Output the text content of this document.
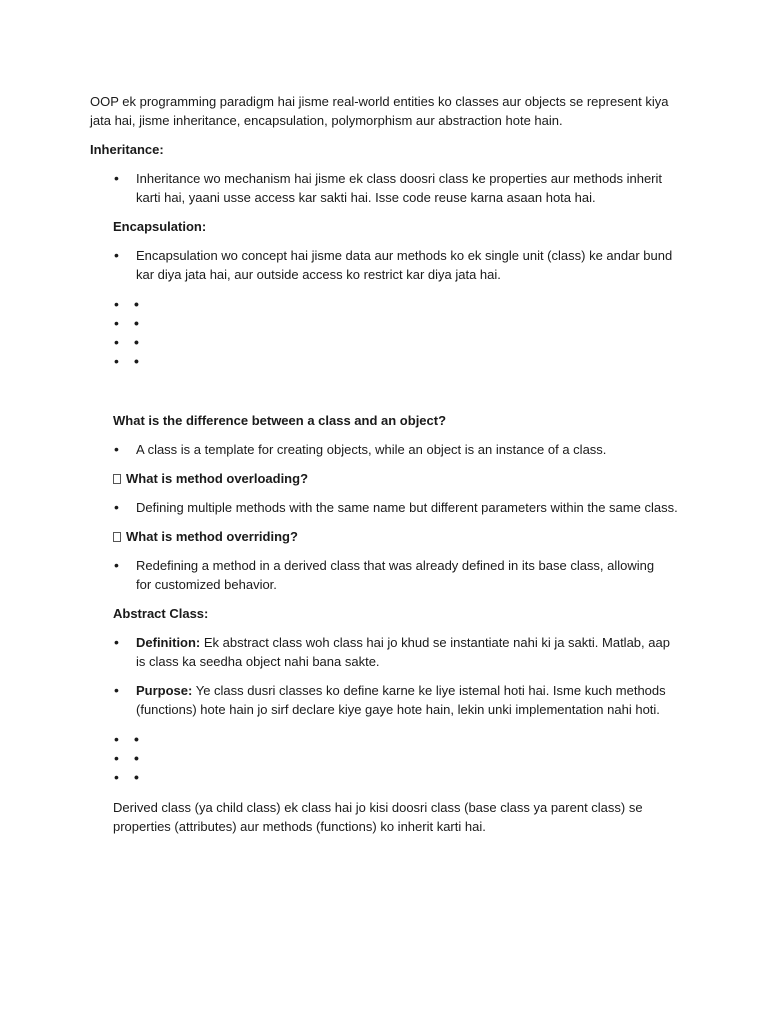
OOP ek programming paradigm hai jisme real-world entities ko classes aur objects se represent kiya jata hai, jisme inheritance, encapsulation, polymorphism aur abstraction hote hain.

Inheritance:

• Inheritance wo mechanism hai jisme ek class doosri class ke properties aur methods inherit karti hai, yaani usse access kar sakti hai. Isse code reuse karna asaan hota hai.

Encapsulation:

• Encapsulation wo concept hai jisme data aur methods ko ek single unit (class) ke andar bund kar diya jata hai, aur outside access ko restrict kar diya jata hai.

• •
• •
• •
• •

What is the difference between a class and an object?

• A class is a template for creating objects, while an object is an instance of a class.

What is method overloading?

• Defining multiple methods with the same name but different parameters within the same class.

What is method overriding?

• Redefining a method in a derived class that was already defined in its base class, allowing for customized behavior.

Abstract Class:

• Definition: Ek abstract class woh class hai jo khud se instantiate nahi ki ja sakti. Matlab, aap is class ka seedha object nahi bana sakte.

• Purpose: Ye class dusri classes ko define karne ke liye istemal hoti hai. Isme kuch methods (functions) hote hain jo sirf declare kiye gaye hote hain, lekin unki implementation nahi hoti.

• •
• •
• •

Derived class (ya child class) ek class hai jo kisi doosri class (base class ya parent class) se properties (attributes) aur methods (functions) ko inherit karti hai.
